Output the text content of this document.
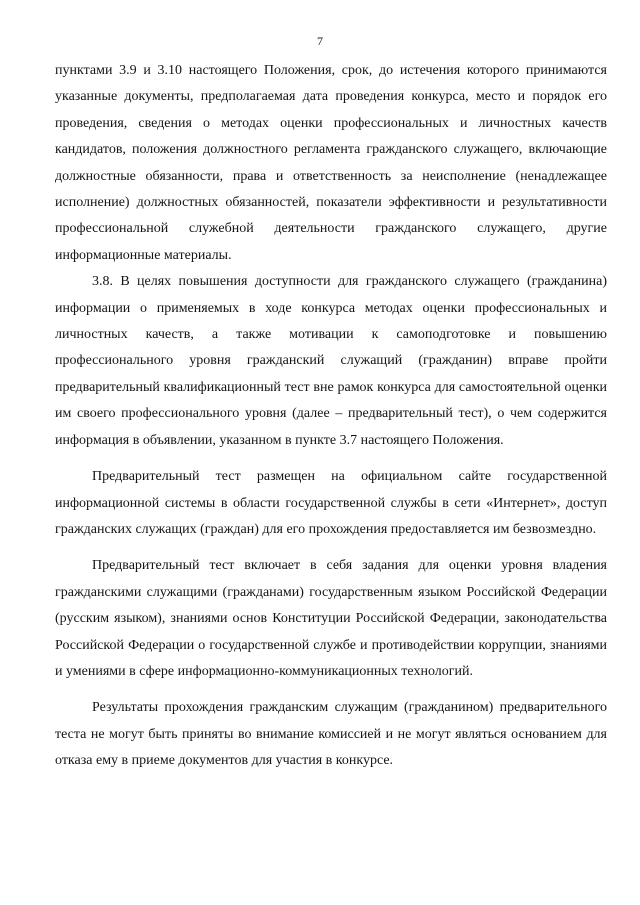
7

пунктами 3.9 и 3.10 настоящего Положения, срок, до истечения которого принимаются указанные документы, предполагаемая дата проведения конкурса, место и порядок его проведения, сведения о методах оценки профессиональных и личностных качеств кандидатов, положения должностного регламента гражданского служащего, включающие должностные обязанности, права и ответственность за неисполнение (ненадлежащее исполнение) должностных обязанностей, показатели эффективности и результативности профессиональной служебной деятельности гражданского служащего, другие информационные материалы.

3.8. В целях повышения доступности для гражданского служащего (гражданина) информации о применяемых в ходе конкурса методах оценки профессиональных и личностных качеств, а также мотивации к самоподготовке и повышению профессионального уровня гражданский служащий (гражданин) вправе пройти предварительный квалификационный тест вне рамок конкурса для самостоятельной оценки им своего профессионального уровня (далее – предварительный тест), о чем содержится информация в объявлении, указанном в пункте 3.7 настоящего Положения.

Предварительный тест размещен на официальном сайте государственной информационной системы в области государственной службы в сети «Интернет», доступ гражданских служащих (граждан) для его прохождения предоставляется им безвозмездно.

Предварительный тест включает в себя задания для оценки уровня владения гражданскими служащими (гражданами) государственным языком Российской Федерации (русским языком), знаниями основ Конституции Российской Федерации, законодательства Российской Федерации о государственной службе и противодействии коррупции, знаниями и умениями в сфере информационно-коммуникационных технологий.

Результаты прохождения гражданским служащим (гражданином) предварительного теста не могут быть приняты во внимание комиссией и не могут являться основанием для отказа ему в приеме документов для участия в конкурсе.
